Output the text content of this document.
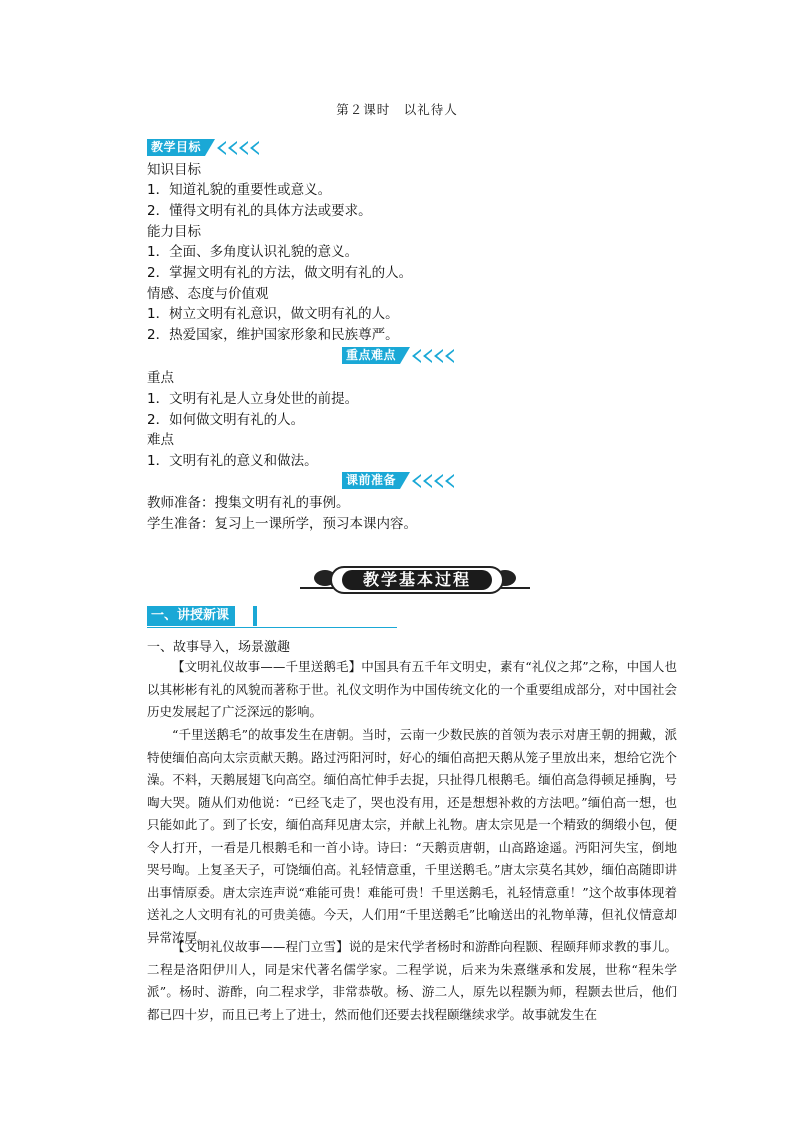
第２课时　以礼待人
教学目标
知识目标
1．知道礼貌的重要性或意义。
2．懂得文明有礼的具体方法或要求。
能力目标
1．全面、多角度认识礼貌的意义。
2．掌握文明有礼的方法，做文明有礼的人。
情感、态度与价值观
1．树立文明有礼意识，做文明有礼的人。
2．热爱国家，维护国家形象和民族尊严。
重点难点
重点
1．文明有礼是人立身处世的前提。
2．如何做文明有礼的人。
难点
1．文明有礼的意义和做法。
课前准备
教师准备：搜集文明有礼的事例。
学生准备：复习上一课所学，预习本课内容。
教学基本过程
一、讲授新课
一、故事导入，场景激趣
【文明礼仪故事——千里送鹅毛】中国具有五千年文明史，素有“礼仪之邦”之称，中国人也以其彬彬有礼的风貌而著称于世。礼仪文明作为中国传统文化的一个重要组成部分，对中国社会历史发展起了广泛深远的影响。
“千里送鹅毛”的故事发生在唐朝。当时，云南一少数民族的首领为表示对唐王朝的拥戴，派特使缅伯高向太宗贡献天鹅。路过沔阳河时，好心的缅伯高把天鹅从笼子里放出来，想给它洗个澡。不料，天鹅展翅飞向高空。缅伯高忙伸手去捉，只扯得几根鹅毛。缅伯高急得顿足捶胸，号啕大哭。随从们劝他说：“已经飞走了，哭也没有用，还是想想补救的方法吧。”缅伯高一想，也只能如此了。到了长安，缅伯高拜见唐太宗，并献上礼物。唐太宗见是一个精致的绸缎小包，便令人打开，一看是几根鹅毛和一首小诗。诗曰：“天鹅贡唐朝，山高路途遥。沔阳河失宝，倒地哭号啕。上复圣天子，可饶缅伯高。礼轻情意重，千里送鹅毛。”唐太宗莫名其妙，缅伯高随即讲出事情原委。唐太宗连声说“难能可贵！难能可贵！千里送鹅毛，礼轻情意重！”这个故事体现着送礼之人文明有礼的可贵美德。今天，人们用“千里送鹅毛”比喻送出的礼物单薄，但礼仪情意却异常浓厚。
【文明礼仪故事——程门立雪】说的是宋代学者杨时和游酢向程颢、程颐拜师求教的事儿。二程是洛阳伊川人，同是宋代著名儒学家。二程学说，后来为朱熹继承和发展，世称“程朱学派”。杨时、游酢，向二程求学，非常恭敬。杨、游二人，原先以程颢为师，程颢去世后，他们都已四十岁，而且已考上了进士，然而他们还要去找程颐继续求学。故事就发生在
